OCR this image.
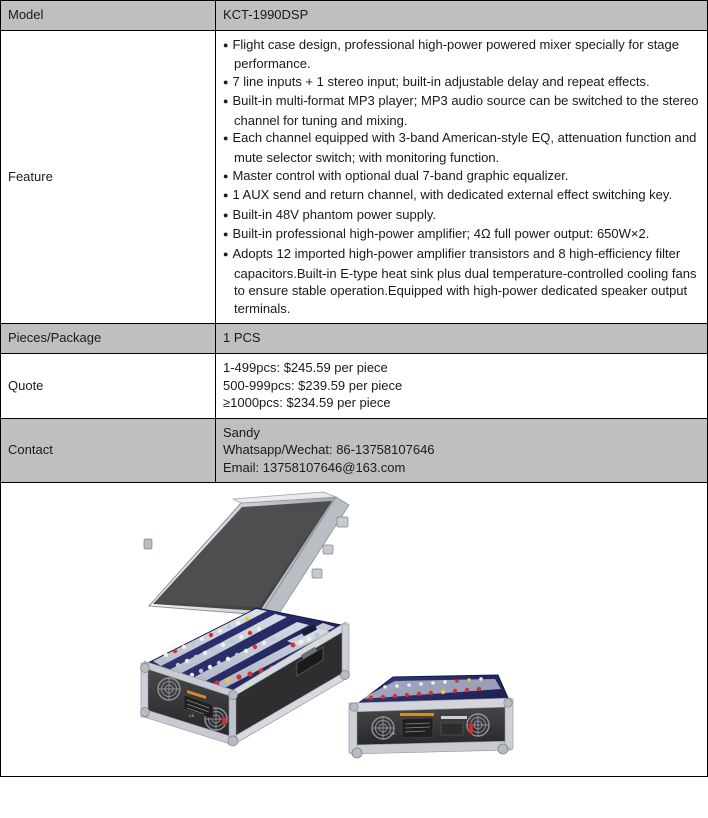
Model	KCT-1990DSP
Feature	
● Flight case design, professional high-power powered mixer specially for stage performance.
● 7 line inputs + 1 stereo input; built-in adjustable delay and repeat effects.
● Built-in multi-format MP3 player; MP3 audio source can be switched to the stereo channel for tuning and mixing.
● Each channel equipped with 3-band American-style EQ, attenuation function and mute selector switch; with monitoring function.
● Master control with optional dual 7-band graphic equalizer.
● 1 AUX send and return channel, with dedicated external effect switching key.
● Built-in 48V phantom power supply.
● Built-in professional high-power amplifier; 4Ω full power output: 650W×2.
● Adopts 12 imported high-power amplifier transistors and 8 high-efficiency filter capacitors.Built-in E-type heat sink plus dual temperature-controlled cooling fans to ensure stable operation.Equipped with high-power dedicated speaker output terminals.

Pieces/Package	1 PCS
Quote	1-499pcs: $245.59 per piece
500-999pcs: $239.59 per piece
≥1000pcs: $234.59 per piece

Contact	Sandy
Whatsapp/Wechat: 86-13758107646
Email: 13758107646@163.com

CE
CE	
